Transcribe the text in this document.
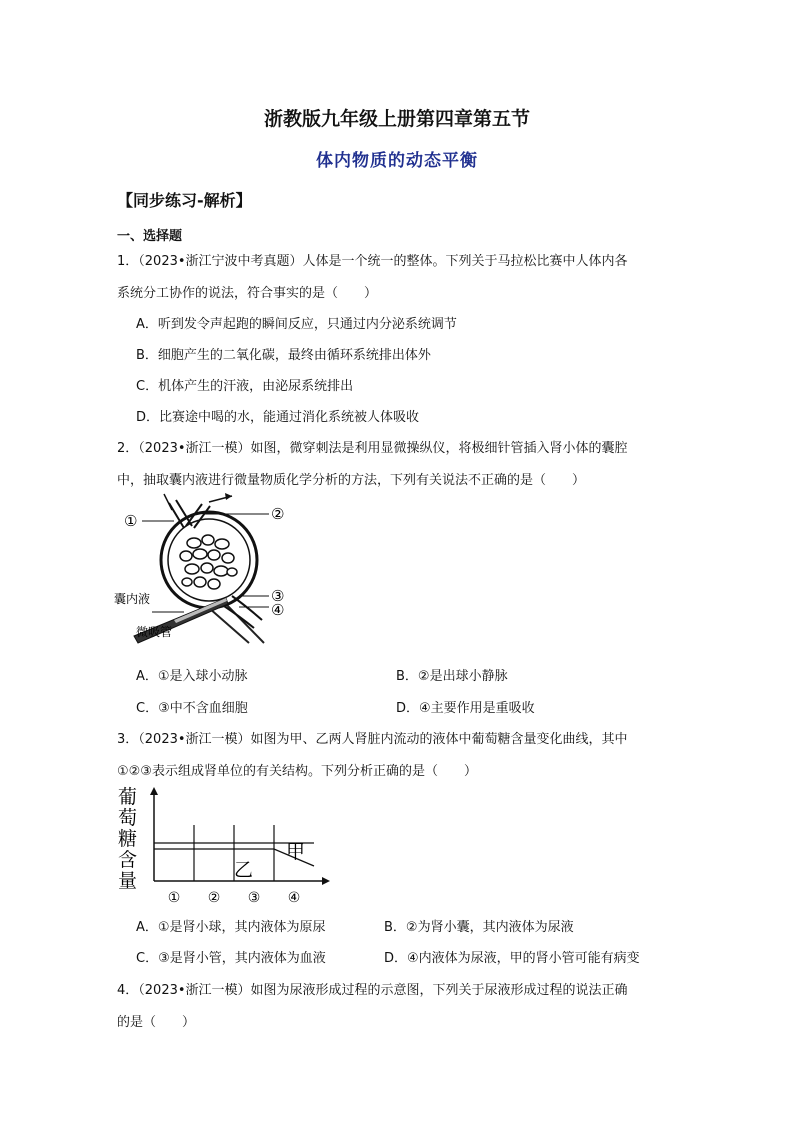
浙教版九年级上册第四章第五节
体内物质的动态平衡
【同步练习-解析】
一、选择题
1．（2023•浙江宁波中考真题）人体是一个统一的整体。下列关于马拉松比赛中人体内各
系统分工协作的说法，符合事实的是（　　）
A．听到发令声起跑的瞬间反应，只通过内分泌系统调节
B．细胞产生的二氧化碳，最终由循环系统排出体外
C．机体产生的汗液，由泌尿系统排出
D．比赛途中喝的水，能通过消化系统被人体吸收
2．（2023•浙江一模）如图，微穿刺法是利用显微操纵仪，将极细针管插入肾小体的囊腔
中，抽取囊内液进行微量物质化学分析的方法，下列有关说法不正确的是（　　）
①	②
③
④
囊内液
微吸管
A．①是入球小动脉	B．②是出球小静脉
C．③中不含血细胞	D．④主要作用是重吸收
3．（2023•浙江一模）如图为甲、乙两人肾脏内流动的液体中葡萄糖含量变化曲线，其中
①②③表示组成肾单位的有关结构。下列分析正确的是（　　）
葡萄糖含量
① ② ③ ④
甲
乙
A．①是肾小球，其内液体为原尿	B．②为肾小囊，其内液体为尿液
C．③是肾小管，其内液体为血液	D．④内液体为尿液，甲的肾小管可能有病变
4．（2023•浙江一模）如图为尿液形成过程的示意图，下列关于尿液形成过程的说法正确
的是（　　）
